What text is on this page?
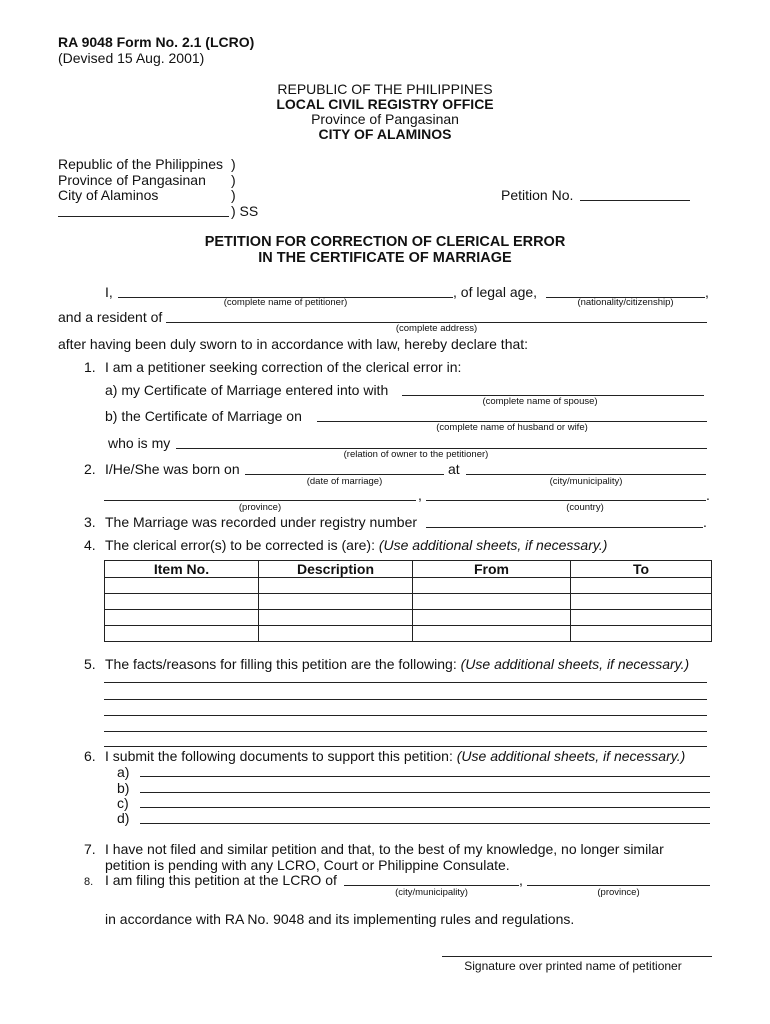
RA 9048 Form No. 2.1 (LCRO)
(Devised 15 Aug. 2001)
REPUBLIC OF THE PHILIPPINES
LOCAL CIVIL REGISTRY OFFICE
Province of Pangasinan
CITY OF ALAMINOS
Republic of the Philippines )
Province of Pangasinan )
City of Alaminos	)
) SS
Petition No.
PETITION FOR CORRECTION OF CLERICAL ERROR
IN THE CERTIFICATE OF MARRIAGE
I,	, of legal age,	,
(complete name of petitioner)	(nationality/citizenship)
and a resident of
(complete address)
after having been duly sworn to in accordance with law, hereby declare that:
1. I am a petitioner seeking correction of the clerical error in:
a) my Certificate of Marriage entered into with
(complete name of spouse)
b) the Certificate of Marriage on
(complete name of husband or wife)
who is my
(relation of owner to the petitioner)
2. I/He/She was born on	at
(date of marriage)	(city/municipality)
,	.
(province)	(country)
3. The Marriage was recorded under registry number	.
4. The clerical error(s) to be corrected is (are): (Use additional sheets, if necessary.)
Item No.	Description	From	To

5. The facts/reasons for filling this petition are the following: (Use additional sheets, if necessary.)
6. I submit the following documents to support this petition: (Use additional sheets, if necessary.)
a)
b)
c)
d)
7. I have not filed and similar petition and that, to the best of my knowledge, no longer similar
petition is pending with any LCRO, Court or Philippine Consulate.
8. I am filing this petition at the LCRO of	,
(city/municipality)	(province)
in accordance with RA No. 9048 and its implementing rules and regulations.
Signature over printed name of petitioner
